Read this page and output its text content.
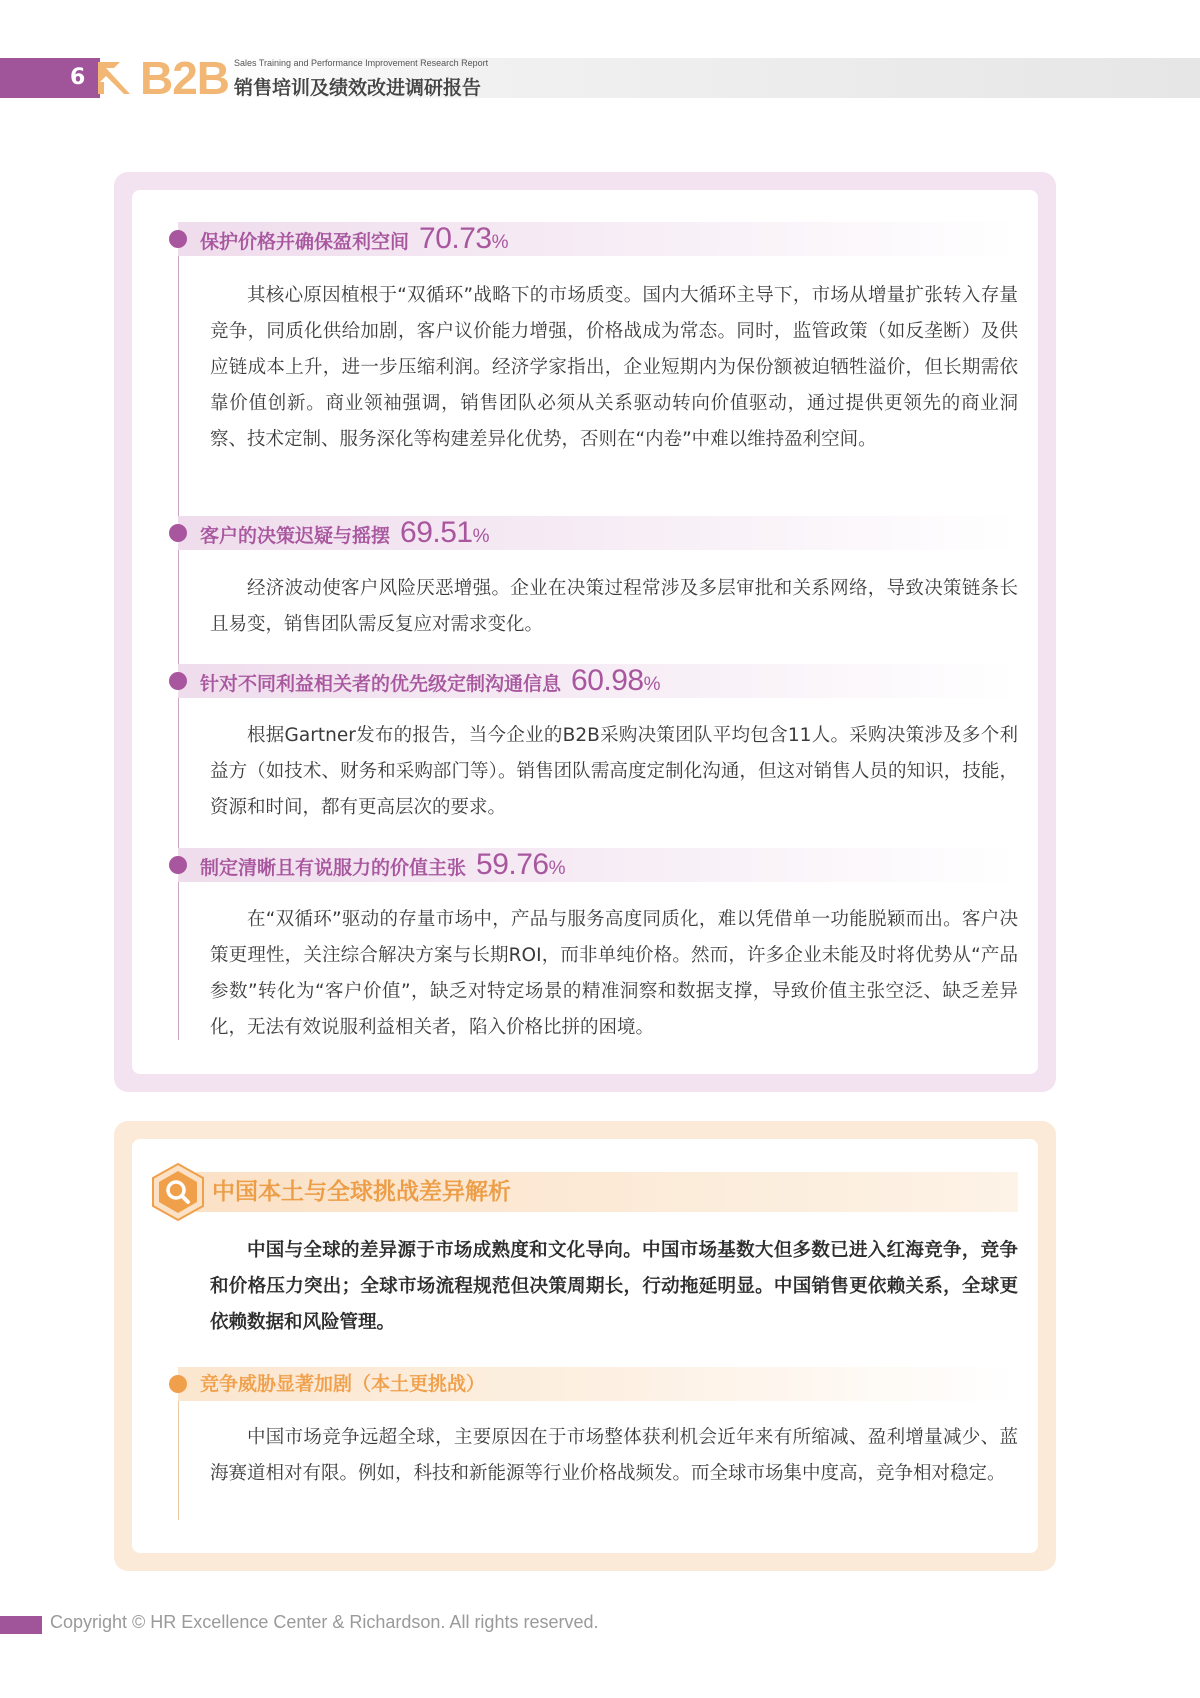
6	B2B Sales Training and Performance Improvement Research Report
销售培训及绩效改进调研报告
保护价格并确保盈利空间 70.73%

其核心原因植根于“双循环”战略下的市场质变。国内大循环主导下，市场从增量扩张转入存量竞争，同质化供给加剧，客户议价能力增强，价格战成为常态。同时，监管政策（如反垄断）及供应链成本上升，进一步压缩利润。经济学家指出，企业短期内为保份额被迫牺牲溢价，但长期需依靠价值创新。商业领袖强调，销售团队必须从关系驱动转向价值驱动，通过提供更领先的商业洞察、技术定制、服务深化等构建差异化优势，否则在“内卷”中难以维持盈利空间。

客户的决策迟疑与摇摆 69.51%

经济波动使客户风险厌恶增强。企业在决策过程常涉及多层审批和关系网络，导致决策链条长且易变，销售团队需反复应对需求变化。

针对不同利益相关者的优先级定制沟通信息 60.98%

根据Gartner发布的报告，当今企业的B2B采购决策团队平均包含11人。采购决策涉及多个利益方（如技术、财务和采购部门等）。销售团队需高度定制化沟通，但这对销售人员的知识，技能，资源和时间，都有更高层次的要求。

制定清晰且有说服力的价值主张 59.76%

在“双循环”驱动的存量市场中，产品与服务高度同质化，难以凭借单一功能脱颖而出。客户决策更理性，关注综合解决方案与长期ROI，而非单纯价格。然而，许多企业未能及时将优势从“产品参数”转化为“客户价值”，缺乏对特定场景的精准洞察和数据支撑，导致价值主张空泛、缺乏差异化，无法有效说服利益相关者，陷入价格比拼的困境。

中国本土与全球挑战差异解析

中国与全球的差异源于市场成熟度和文化导向。中国市场基数大但多数已进入红海竞争，竞争和价格压力突出；全球市场流程规范但决策周期长，行动拖延明显。中国销售更依赖关系，全球更依赖数据和风险管理。

竞争威胁显著加剧（本土更挑战）

中国市场竞争远超全球，主要原因在于市场整体获利机会近年来有所缩减、盈利增量减少、蓝海赛道相对有限。例如，科技和新能源等行业价格战频发。而全球市场集中度高，竞争相对稳定。

Copyright © HR Excellence Center & Richardson. All rights reserved.
